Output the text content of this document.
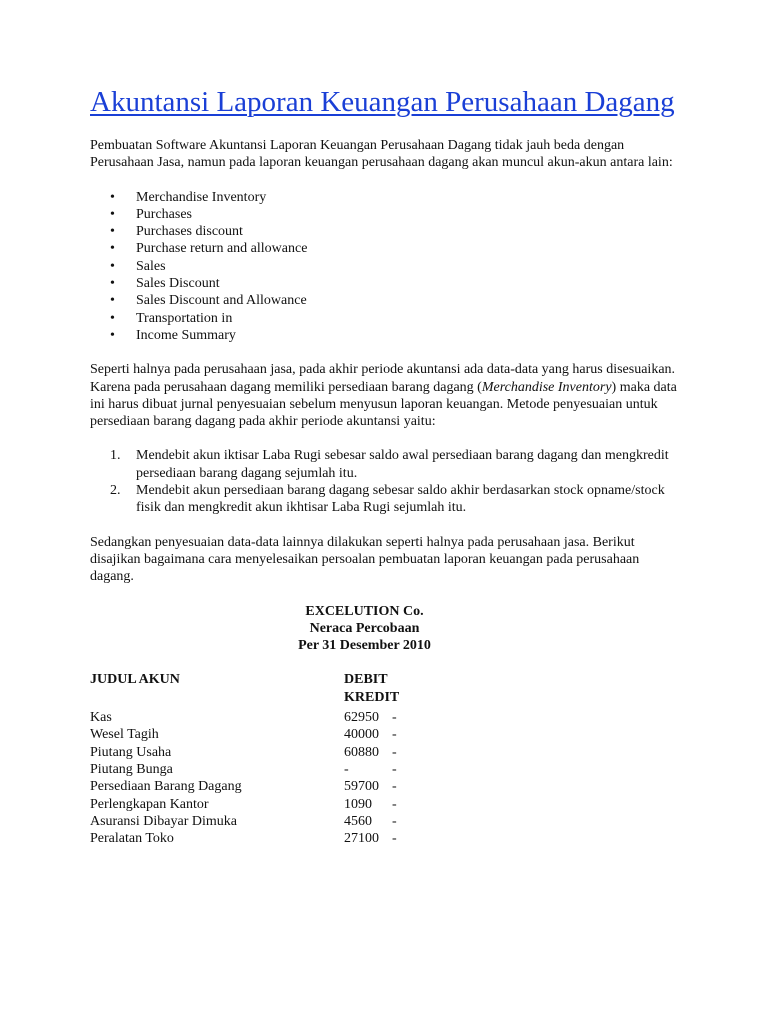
Akuntansi Laporan Keuangan Perusahaan Dagang

Pembuatan Software Akuntansi Laporan Keuangan Perusahaan Dagang tidak jauh beda dengan Perusahaan Jasa, namun pada laporan keuangan perusahaan dagang akan muncul akun-akun antara lain:

• Merchandise Inventory
• Purchases
• Purchases discount
• Purchase return and allowance
• Sales
• Sales Discount
• Sales Discount and Allowance
• Transportation in
• Income Summary

Seperti halnya pada perusahaan jasa, pada akhir periode akuntansi ada data-data yang harus disesuaikan. Karena pada perusahaan dagang memiliki persediaan barang dagang (Merchandise Inventory) maka data ini harus dibuat jurnal penyesuaian sebelum menyusun laporan keuangan. Metode penyesuaian untuk persediaan barang dagang pada akhir periode akuntansi yaitu:

1. Mendebit akun iktisar Laba Rugi sebesar saldo awal persediaan barang dagang dan mengkredit persediaan barang dagang sejumlah itu.
2. Mendebit akun persediaan barang dagang sebesar saldo akhir berdasarkan stock opname/stock fisik dan mengkredit akun ikhtisar Laba Rugi sejumlah itu.

Sedangkan penyesuaian data-data lainnya dilakukan seperti halnya pada perusahaan jasa. Berikut disajikan bagaimana cara menyelesaikan persoalan pembuatan laporan keuangan pada perusahaan dagang.

EXCELUTION Co.
Neraca Percobaan
Per 31 Desember 2010
JUDUL AKUN	DEBIT KREDIT	
Kas	62950	-
Wesel Tagih	40000	-
Piutang Usaha	60880	-
Piutang Bunga	-	-
Persediaan Barang Dagang	59700	-
Perlengkapan Kantor	1090	-
Asuransi Dibayar Dimuka	4560	-
Peralatan Toko	27100	-
